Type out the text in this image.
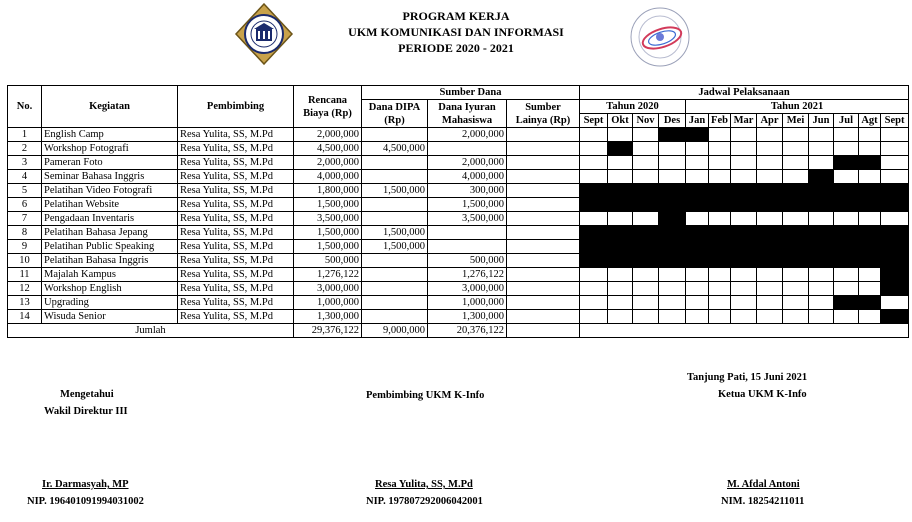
PROGRAM KERJA
UKM KOMUNIKASI DAN INFORMASI
PERIODE 2020 - 2021
No.	Kegiatan	Pembimbing	Rencana Biaya (Rp)	Sumber Dana			Jadwal Pelaksanaan												
				Dana DIPA (Rp)	Dana Iyuran Mahasiswa	Sumber Lainya (Rp)	Tahun 2020				Tahun 2021								
							Sept	Okt	Nov	Des	Jan	Feb	Mar	Apr	Mei	Jun	Jul	Agt	Sept
1	English Camp	Resa Yulita, SS, M.Pd	2,000,000		2,000,000														
2	Workshop Fotografi	Resa Yulita, SS, M.Pd	4,500,000	4,500,000															
3	Pameran Foto	Resa Yulita, SS, M.Pd	2,000,000		2,000,000														
4	Seminar Bahasa Inggris	Resa Yulita, SS, M.Pd	4,000,000		4,000,000														
5	Pelatihan Video Fotografi	Resa Yulita, SS, M.Pd	1,800,000	1,500,000	300,000														
6	Pelatihan Website	Resa Yulita, SS, M.Pd	1,500,000		1,500,000														
7	Pengadaan Inventaris	Resa Yulita, SS, M.Pd	3,500,000		3,500,000														
8	Pelatihan Bahasa Jepang	Resa Yulita, SS, M.Pd	1,500,000	1,500,000															
9	Pelatihan Public Speaking	Resa Yulita, SS, M.Pd	1,500,000	1,500,000															
10	Pelatihan Bahasa Inggris	Resa Yulita, SS, M.Pd	500,000		500,000														
11	Majalah Kampus	Resa Yulita, SS, M.Pd	1,276,122		1,276,122														
12	Workshop English	Resa Yulita, SS, M.Pd	3,000,000		3,000,000														
13	Upgrading	Resa Yulita, SS, M.Pd	1,000,000		1,000,000														
14	Wisuda Senior	Resa Yulita, SS, M.Pd	1,300,000		1,300,000														
Jumlah			29,376,122	9,000,000	20,376,122														
Tanjung Pati, 15 Juni 2021
Mengetahui
Wakil Direktur III
Ir. Darmasyah, MP
NIP. 196401091994031002
Pembimbing UKM K-Info
Resa Yulita, SS, M.Pd
NIP. 197807292006042001
Ketua UKM K-Info
M. Afdal Antoni
NIM. 18254211011
